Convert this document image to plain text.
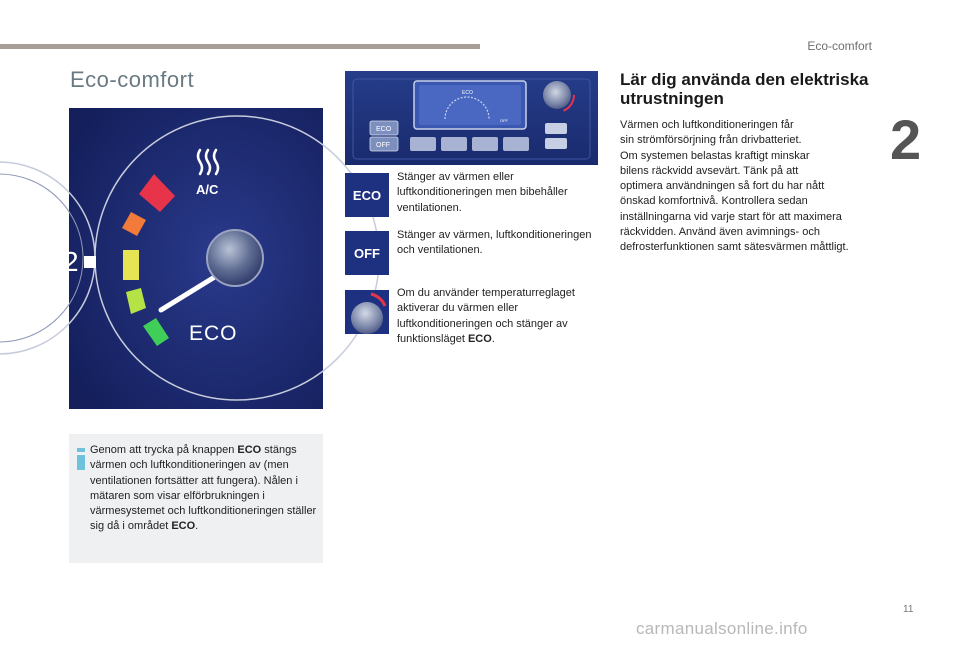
Eco-comfort
2
Eco-comfort
2
A/C
ECO

Genom att trycka på knappen ECO stängs värmen och luftkonditioneringen av (men ventilationen fortsätter att fungera). Nålen i mätaren som visar elförbrukningen i värmesystemet och luftkonditioneringen ställer sig då i området ECO.

ECO
OFF
ECO
OFF
ECO

Stänger av värmen eller luftkonditioneringen men bibehåller ventilationen.

OFF

Stänger av värmen, luftkonditioneringen och ventilationen.

Om du använder temperaturreglaget aktiverar du värmen eller luftkonditioneringen och stänger av funktionsläget ECO.

Lär dig använda den elektriska utrustningen
Värmen och luftkonditioneringen får
sin strömförsörjning från drivbatteriet.
Om systemen belastas kraftigt minskar
bilens räckvidd avsevärt. Tänk på att
optimera användningen så fort du har nått
önskad komfortnivå. Kontrollera sedan
inställningarna vid varje start för att maximera
räckvidden. Använd även avimnings- och
defrosterfunktionen samt sätesvärmen måttligt.
11
carmanualsonline.info
